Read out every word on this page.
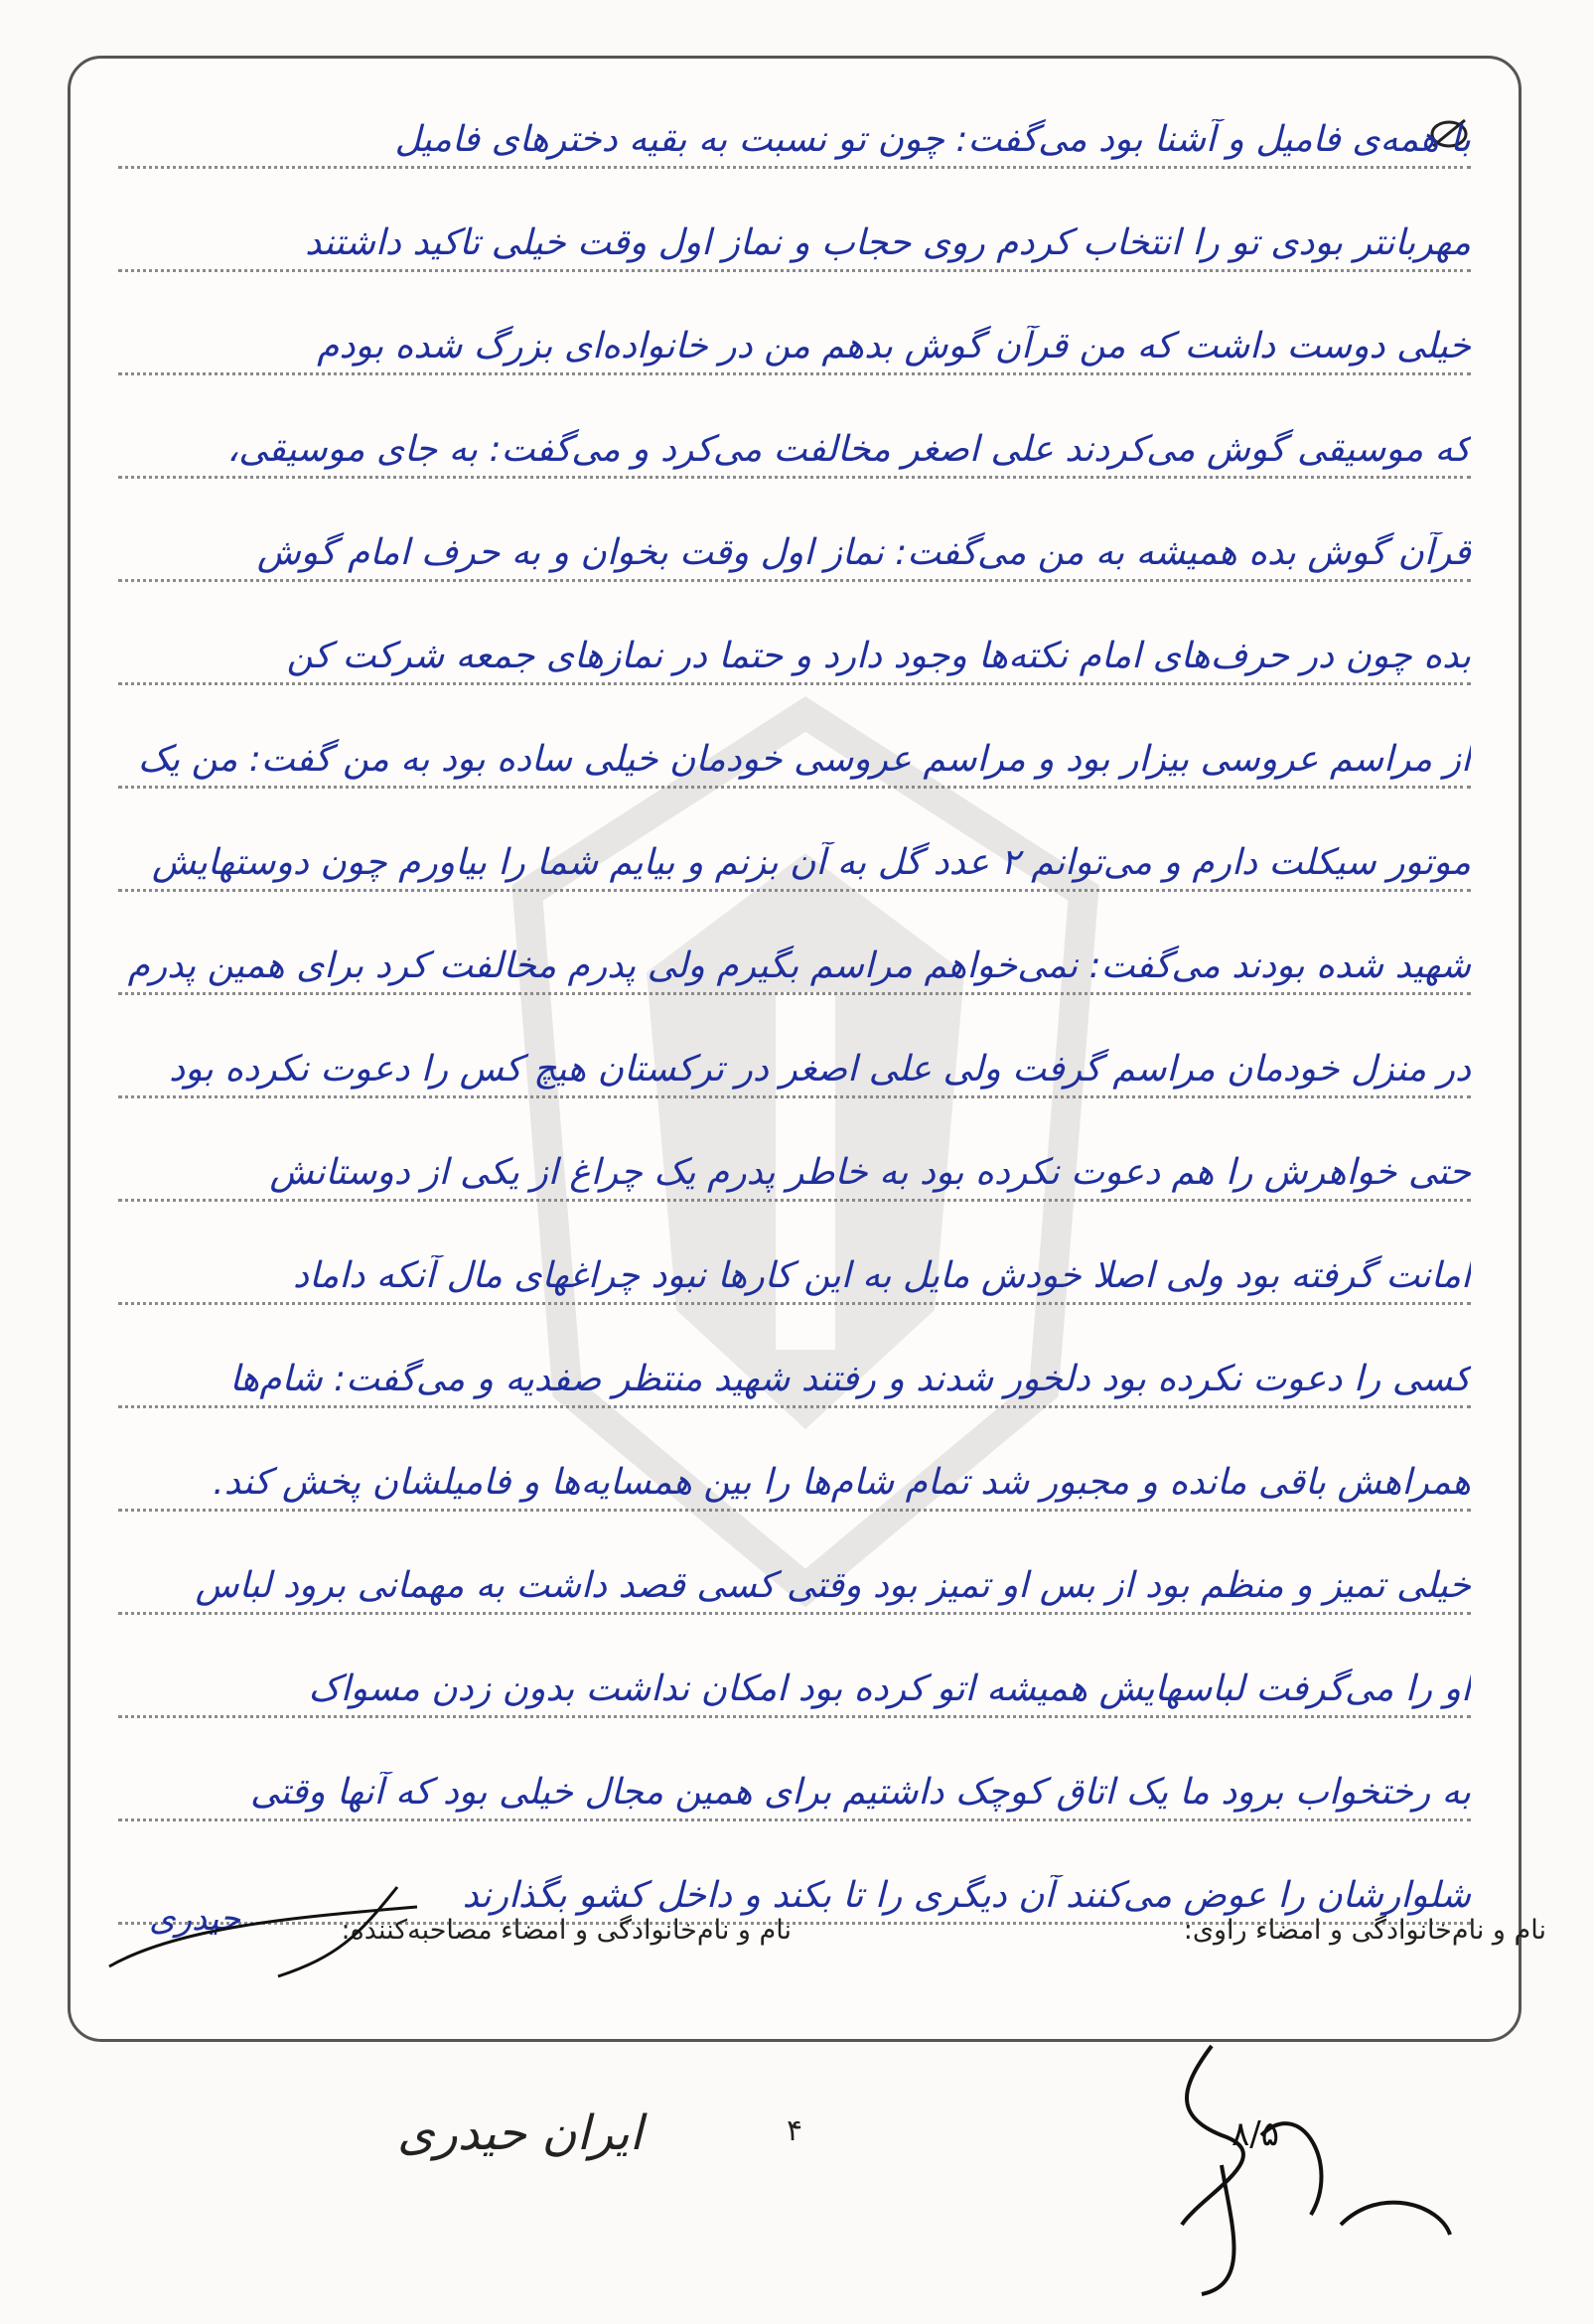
با همه‌ی فامیل و آشنا بود می‌گفت: چون تو نسبت به بقیه دخترهای فامیل
مهربانتر بودی تو را انتخاب کردم روی حجاب و نماز اول وقت خیلی تاکید داشتند
خیلی دوست داشت که من قرآن گوش بدهم من در خانواده‌ای بزرگ شده بودم
که موسیقی گوش می‌کردند علی اصغر مخالفت می‌کرد و می‌گفت: به جای موسیقی،
قرآن گوش بده همیشه به من می‌گفت: نماز اول وقت بخوان و به حرف امام گوش
بده چون در حرف‌های امام نکته‌ها وجود دارد و حتما در نمازهای جمعه شرکت کن
از مراسم عروسی بیزار بود و مراسم عروسی خودمان خیلی ساده بود به من گفت: من یک
موتور سیکلت دارم و می‌توانم ۲ عدد گل به آن بزنم و بیایم شما را بیاورم چون دوستهایش
شهید شده بودند می‌گفت: نمی‌خواهم مراسم بگیرم ولی پدرم مخالفت کرد برای همین پدرم
در منزل خودمان مراسم گرفت ولی علی اصغر در ترکستان هیچ کس را دعوت نکرده بود
حتی خواهرش را هم دعوت نکرده بود به خاطر پدرم یک چراغ از یکی از دوستانش
امانت گرفته بود ولی اصلا خودش مایل به این کارها نبود چراغهای مال آنکه داماد
کسی را دعوت نکرده بود دلخور شدند و رفتند شهید منتظر صفدیه و می‌گفت: شام‌ها
همراهش باقی مانده و مجبور شد تمام شام‌ها را بین همسایه‌ها و فامیلشان پخش کند.
خیلی تمیز و منظم بود از بس او تمیز بود وقتی کسی قصد داشت به مهمانی برود لباس
او را می‌گرفت لباسهایش همیشه اتو کرده بود امکان نداشت بدون زدن مسواک
به رختخواب برود ما یک اتاق کوچک داشتیم برای همین مجال خیلی بود که آنها وقتی
شلوارشان را عوض می‌کنند آن دیگری را تا بکند و داخل کشو بگذارند
نام و نام‌خانوادگی و امضاء راوی:
نام و نام‌خانوادگی و امضاء مصاحبه‌کننده:
حیدری
ایران حیدری	۴	۸/۵
